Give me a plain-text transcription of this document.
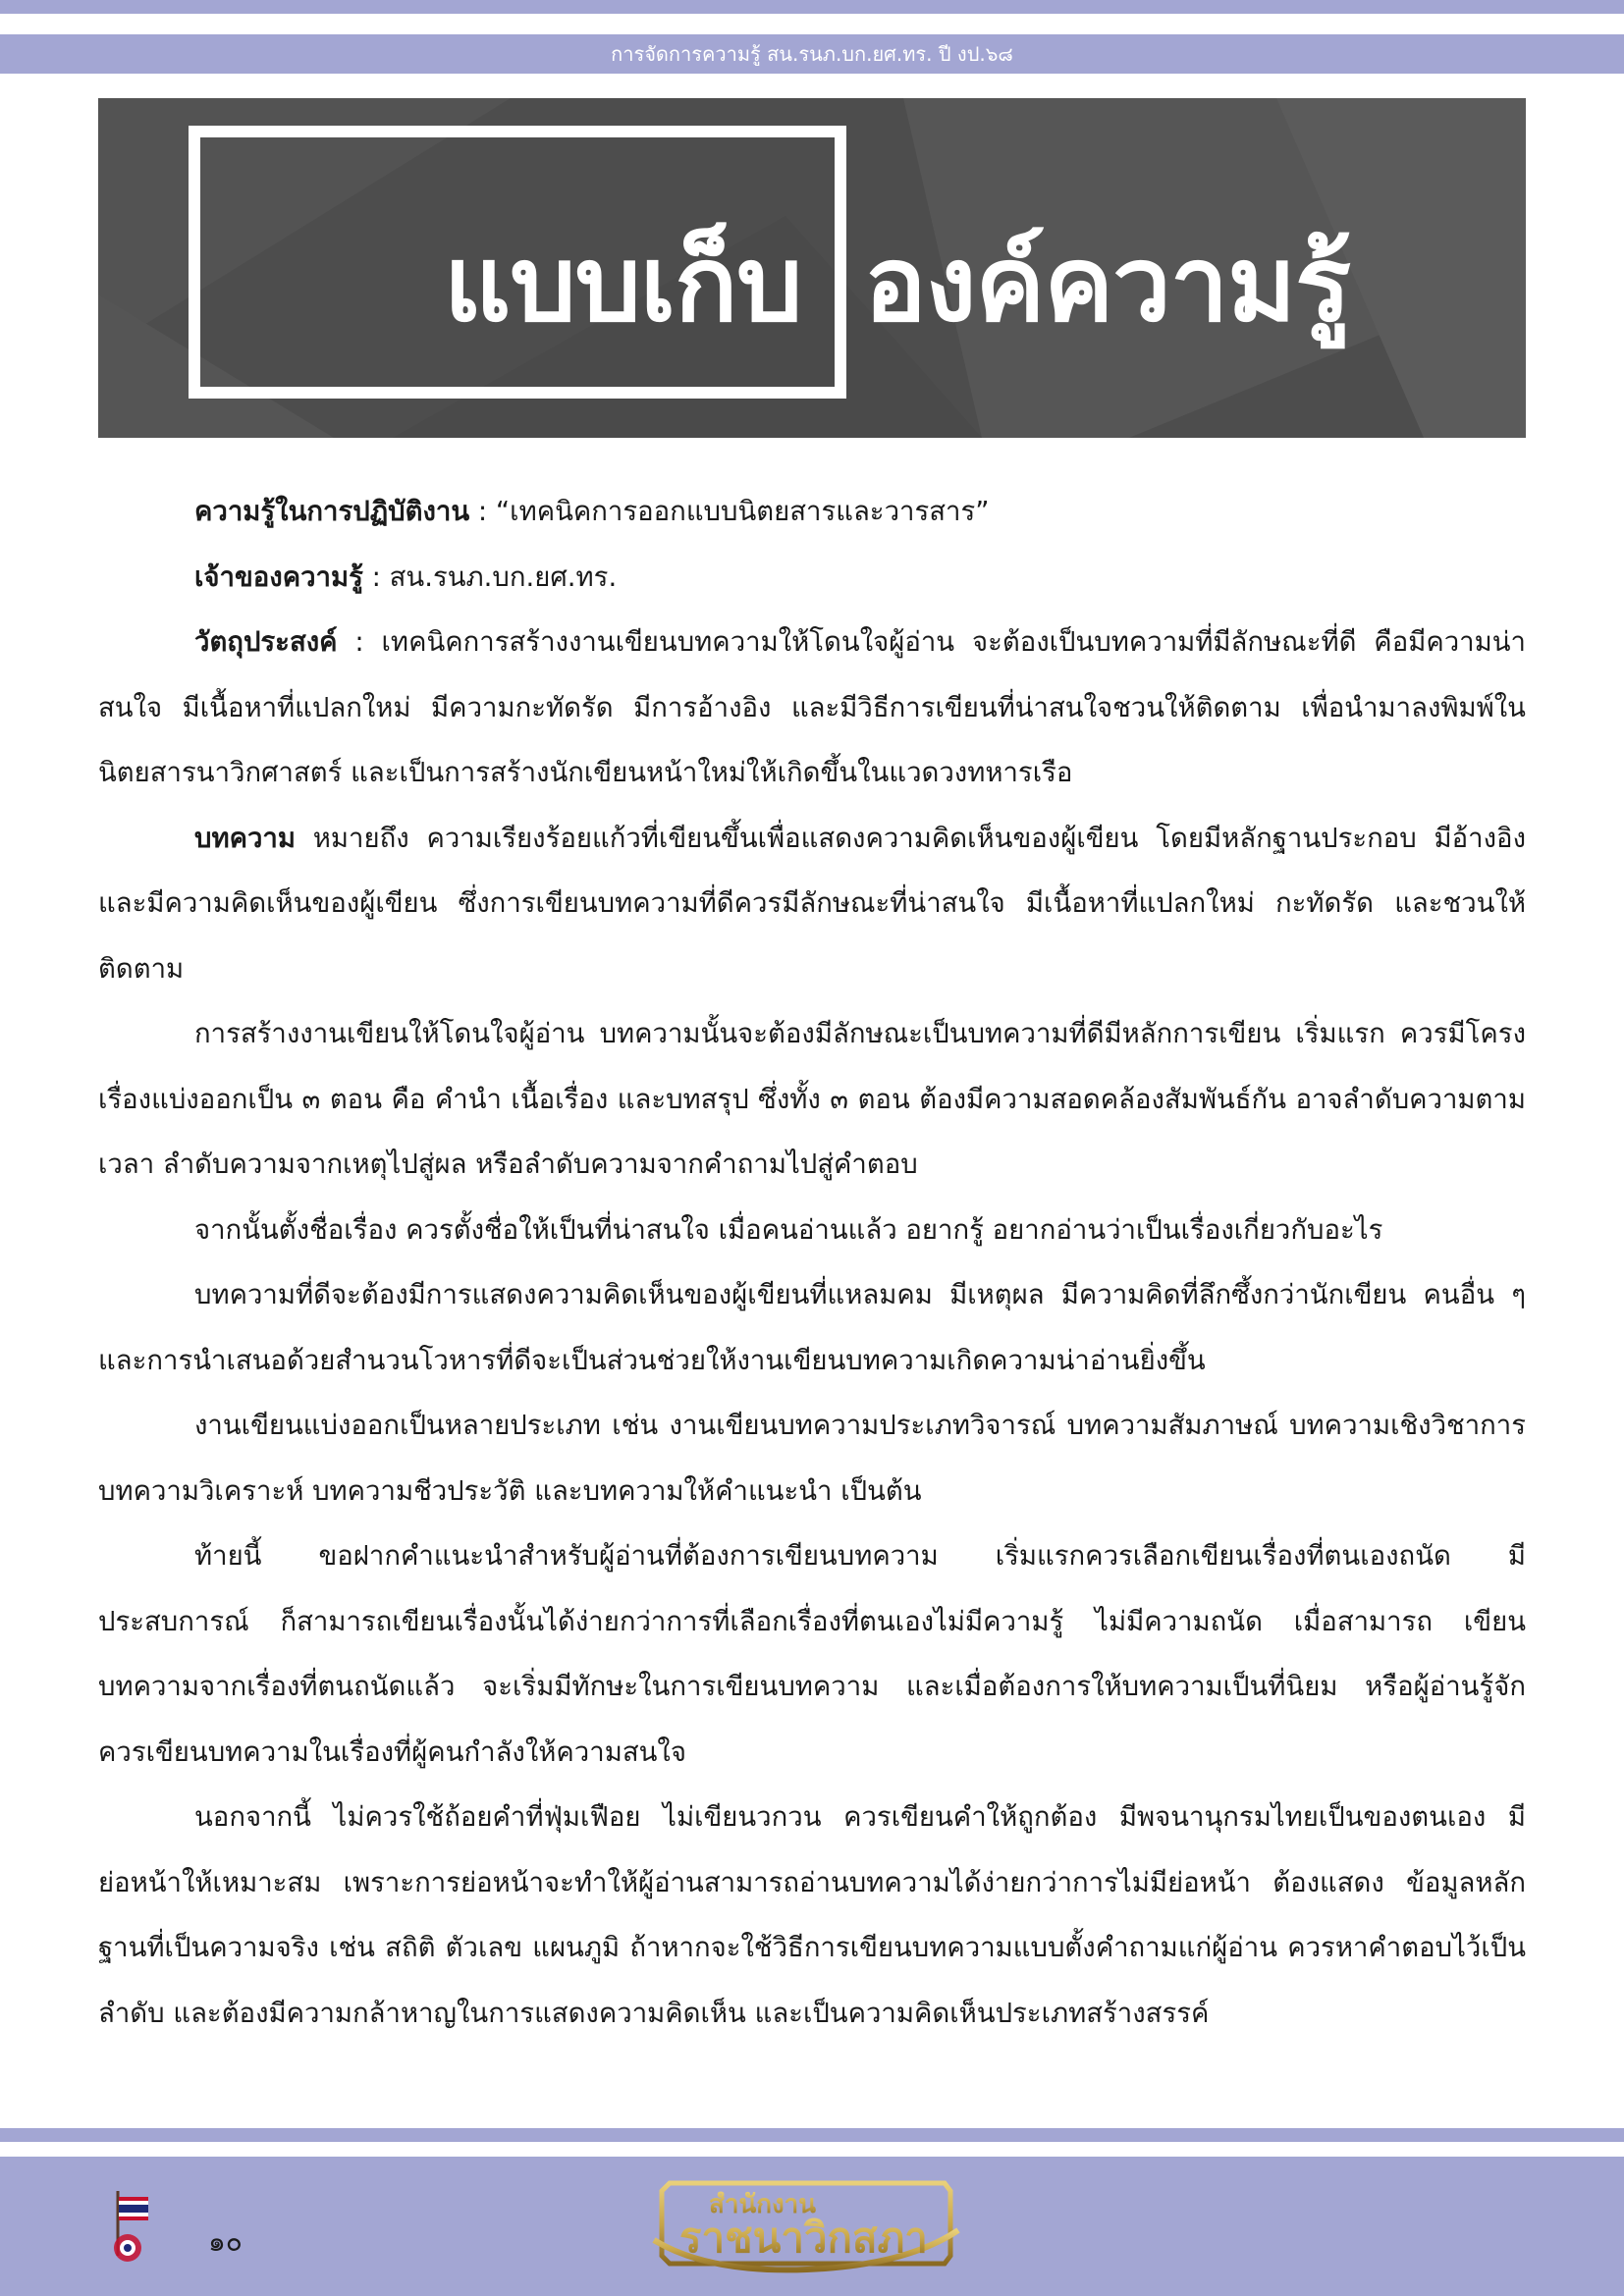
การจัดการความรู้ สน.รนภ.บก.ยศ.ทร. ปี งป.๖๘
แบบเก็บ องค์ความรู้

ความรู้ในการปฏิบัติงาน : “เทคนิคการออกแบบนิตยสารและวารสาร”

เจ้าของความรู้ : สน.รนภ.บก.ยศ.ทร.

วัตถุประสงค์ : เทคนิคการสร้างงานเขียนบทความให้โดนใจผู้อ่าน จะต้องเป็นบทความที่มีลักษณะที่ดี คือมีความน่าสนใจ มีเนื้อหาที่แปลกใหม่ มีความกะทัดรัด มีการอ้างอิง และมีวิธีการเขียนที่น่าสนใจชวนให้ติดตาม เพื่อนำมาลงพิมพ์ในนิตยสารนาวิกศาสตร์ และเป็นการสร้างนักเขียนหน้าใหม่ให้เกิดขึ้นในแวดวงทหารเรือ

บทความ หมายถึง ความเรียงร้อยแก้วที่เขียนขึ้นเพื่อแสดงความคิดเห็นของผู้เขียน โดยมีหลักฐานประกอบ มีอ้างอิง และมีความคิดเห็นของผู้เขียน ซึ่งการเขียนบทความที่ดีควรมีลักษณะที่น่าสนใจ มีเนื้อหาที่แปลกใหม่ กะทัดรัด และชวนให้ติดตาม

การสร้างงานเขียนให้โดนใจผู้อ่าน บทความนั้นจะต้องมีลักษณะเป็นบทความที่ดีมีหลักการเขียน เริ่มแรก ควรมีโครงเรื่องแบ่งออกเป็น ๓ ตอน คือ คำนำ เนื้อเรื่อง และบทสรุป ซึ่งทั้ง ๓ ตอน ต้องมีความสอดคล้องสัมพันธ์กัน อาจลำดับความตามเวลา ลำดับความจากเหตุไปสู่ผล หรือลำดับความจากคำถามไปสู่คำตอบ

จากนั้นตั้งชื่อเรื่อง ควรตั้งชื่อให้เป็นที่น่าสนใจ เมื่อคนอ่านแล้ว อยากรู้ อยากอ่านว่าเป็นเรื่องเกี่ยวกับอะไร

บทความที่ดีจะต้องมีการแสดงความคิดเห็นของผู้เขียนที่แหลมคม มีเหตุผล มีความคิดที่ลึกซึ้งกว่านักเขียน คนอื่น ๆ และการนำเสนอด้วยสำนวนโวหารที่ดีจะเป็นส่วนช่วยให้งานเขียนบทความเกิดความน่าอ่านยิ่งขึ้น

งานเขียนแบ่งออกเป็นหลายประเภท เช่น งานเขียนบทความประเภทวิจารณ์ บทความสัมภาษณ์ บทความเชิงวิชาการ บทความวิเคราะห์ บทความชีวประวัติ และบทความให้คำแนะนำ เป็นต้น

ท้ายนี้ ขอฝากคำแนะนำสำหรับผู้อ่านที่ต้องการเขียนบทความ เริ่มแรกควรเลือกเขียนเรื่องที่ตนเองถนัด มีประสบการณ์ ก็สามารถเขียนเรื่องนั้นได้ง่ายกว่าการที่เลือกเรื่องที่ตนเองไม่มีความรู้ ไม่มีความถนัด เมื่อสามารถ เขียนบทความจากเรื่องที่ตนถนัดแล้ว จะเริ่มมีทักษะในการเขียนบทความ และเมื่อต้องการให้บทความเป็นที่นิยม หรือผู้อ่านรู้จัก ควรเขียนบทความในเรื่องที่ผู้คนกำลังให้ความสนใจ

นอกจากนี้ ไม่ควรใช้ถ้อยคำที่ฟุ่มเฟือย ไม่เขียนวกวน ควรเขียนคำให้ถูกต้อง มีพจนานุกรมไทยเป็นของตนเอง มีย่อหน้าให้เหมาะสม เพราะการย่อหน้าจะทำให้ผู้อ่านสามารถอ่านบทความได้ง่ายกว่าการไม่มีย่อหน้า ต้องแสดง ข้อมูลหลักฐานที่เป็นความจริง เช่น สถิติ ตัวเลข แผนภูมิ ถ้าหากจะใช้วิธีการเขียนบทความแบบตั้งคำถามแก่ผู้อ่าน ควรหาคำตอบไว้เป็นลำดับ และต้องมีความกล้าหาญในการแสดงความคิดเห็น และเป็นความคิดเห็นประเภทสร้างสรรค์

๑๐
สำนักงาน
ราชนาวิกสภา
